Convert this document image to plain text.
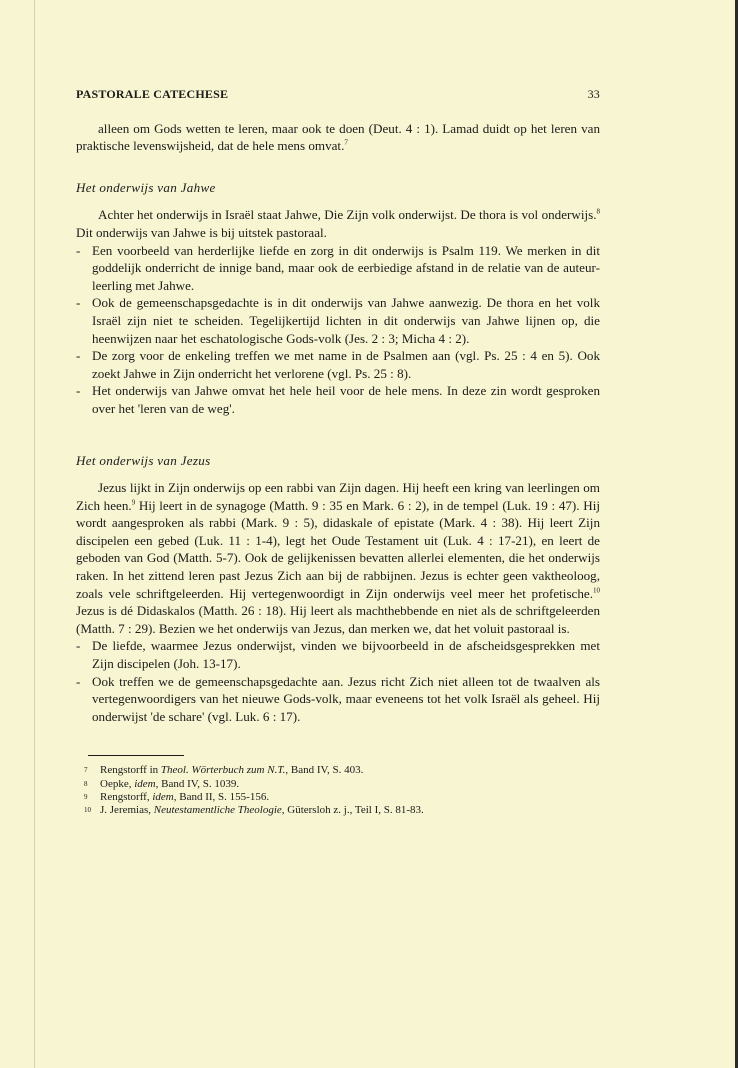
PASTORALE CATECHESE	33

alleen om Gods wetten te leren, maar ook te doen (Deut. 4 : 1). Lamad duidt op het leren van praktische levenswijsheid, dat de hele mens omvat.$^7$

Het onderwijs van Jahwe

Achter het onderwijs in Israël staat Jahwe, Die Zijn volk onderwijst. De thora is vol onderwijs.$^8$ Dit onderwijs van Jahwe is bij uitstek pastoraal.

- Een voorbeeld van herderlijke liefde en zorg in dit onderwijs is Psalm 119. We merken in dit goddelijk onderricht de innige band, maar ook de eerbiedige afstand in de relatie van de auteur-leerling met Jahwe.
- Ook de gemeenschapsgedachte is in dit onderwijs van Jahwe aanwezig. De thora en het volk Israël zijn niet te scheiden. Tegelijkertijd lichten in dit onderwijs van Jahwe lijnen op, die heenwijzen naar het eschatologische Gods-volk (Jes. 2 : 3; Micha 4 : 2).
- De zorg voor de enkeling treffen we met name in de Psalmen aan (vgl. Ps. 25 : 4 en 5). Ook zoekt Jahwe in Zijn onderricht het verlorene (vgl. Ps. 25 : 8).
- Het onderwijs van Jahwe omvat het hele heil voor de hele mens. In deze zin wordt gesproken over het 'leren van de weg'.
Het onderwijs van Jezus

Jezus lijkt in Zijn onderwijs op een rabbi van Zijn dagen. Hij heeft een kring van leerlingen om Zich heen.$^9$ Hij leert in de synagoge (Matth. 9 : 35 en Mark. 6 : 2), in de tempel (Luk. 19 : 47). Hij wordt aangesproken als rabbi (Mark. 9 : 5), didaskale of epistate (Mark. 4 : 38). Hij leert Zijn discipelen een gebed (Luk. 11 : 1-4), legt het Oude Testament uit (Luk. 4 : 17-21), en leert de geboden van God (Matth. 5-7). Ook de gelijkenissen bevatten allerlei elementen, die het onderwijs raken. In het zittend leren past Jezus Zich aan bij de rabbijnen. Jezus is echter geen vaktheoloog, zoals vele schriftgeleerden. Hij vertegenwoordigt in Zijn onderwijs veel meer het profetische.$^{10}$ Jezus is dé Didaskalos (Matth. 26 : 18). Hij leert als machthebbende en niet als de schriftgeleerden (Matth. 7 : 29). Bezien we het onderwijs van Jezus, dan merken we, dat het voluit pastoraal is.

- De liefde, waarmee Jezus onderwijst, vinden we bijvoorbeeld in de afscheidsgesprekken met Zijn discipelen (Joh. 13-17).
- Ook treffen we de gemeenschapsgedachte aan. Jezus richt Zich niet alleen tot de twaalven als vertegenwoordigers van het nieuwe Gods-volk, maar eveneens tot het volk Israël als geheel. Hij onderwijst 'de schare' (vgl. Luk. 6 : 17).
7 Rengstorff in Theol. Wörterbuch zum N.T., Band IV, S. 403.
8 Oepke, idem, Band IV, S. 1039.
9 Rengstorff, idem, Band II, S. 155-156.
10 J. Jeremias, Neutestamentliche Theologie, Gütersloh z. j., Teil I, S. 81-83.
